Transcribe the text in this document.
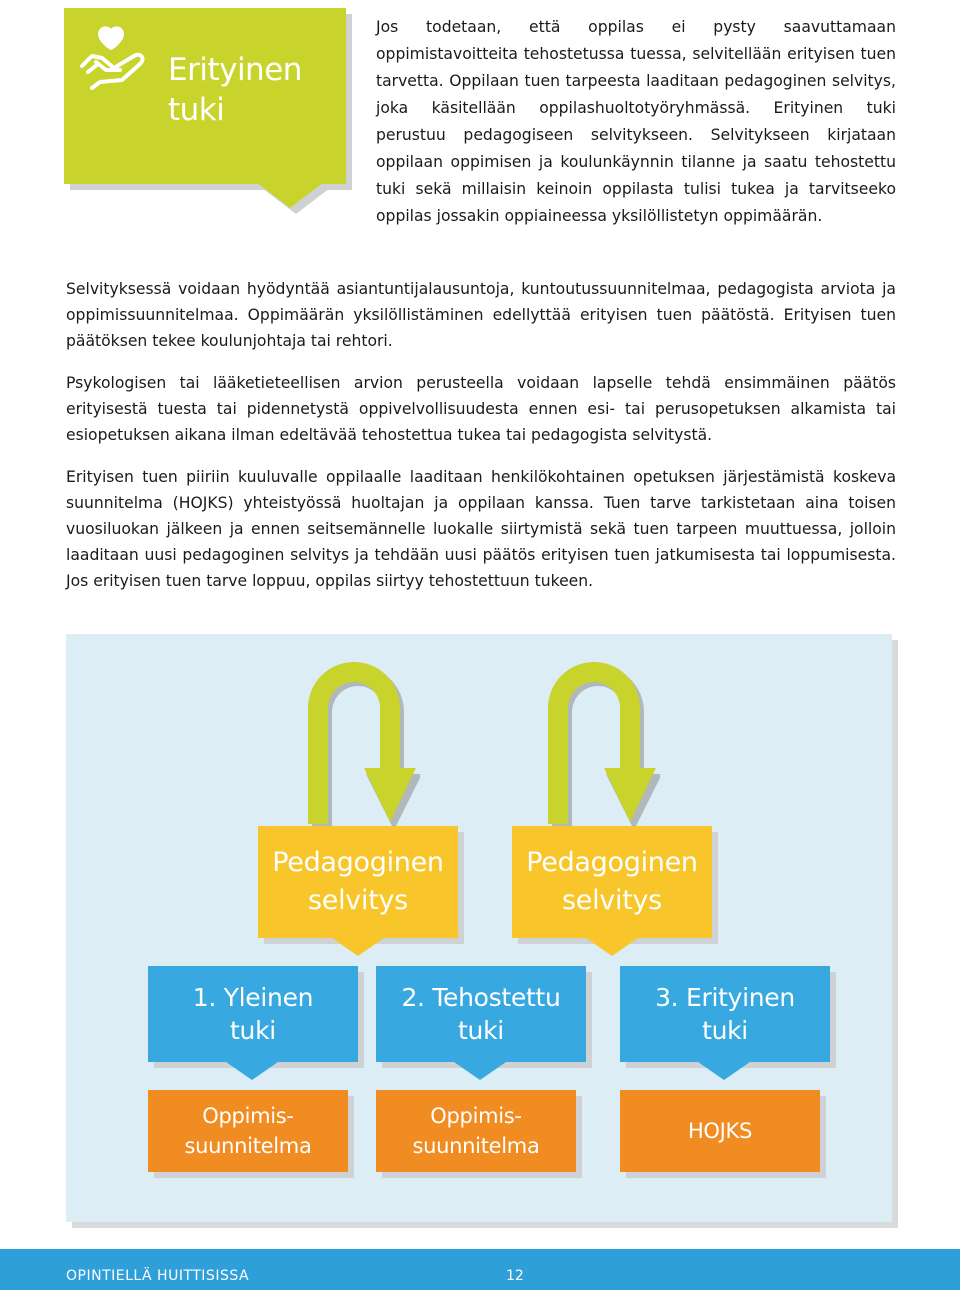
Erityinen
tuki
Jos todetaan, että oppilas ei pysty saavuttamaan oppimistavoitteita tehostetussa tuessa, selvitellään erityisen tuen tarvetta. Oppilaan tuen tarpeesta laaditaan pedagoginen selvitys, joka käsitellään oppilashuoltotyöryhmässä. Erityinen tuki perustuu pedagogiseen selvitykseen. Selvitykseen kirjataan oppilaan oppimisen ja koulunkäynnin tilanne ja saatu tehostettu tuki sekä millaisin keinoin oppilasta tulisi tukea ja tarvitseeko oppilas jossakin oppiaineessa yksilöllistetyn oppimäärän.
Selvityksessä voidaan hyödyntää asiantuntijalausuntoja, kuntoutussuunnitelmaa, pedagogista arviota ja oppimissuunnitelmaa. Oppimäärän yksilöllistäminen edellyttää erityisen tuen päätöstä. Erityisen tuen päätöksen tekee koulunjohtaja tai rehtori.
Psykologisen tai lääketieteellisen arvion perusteella voidaan lapselle tehdä ensimmäinen päätös erityisestä tuesta tai pidennetystä oppivelvollisuudesta ennen esi- tai perusopetuksen alkamista tai esiopetuksen aikana ilman edeltävää tehostettua tukea tai pedagogista selvitystä.
Erityisen tuen piiriin kuuluvalle oppilaalle laaditaan henkilökohtainen opetuksen järjestämistä koskeva suunnitelma (HOJKS) yhteistyössä huoltajan ja oppilaan kanssa. Tuen tarve tarkistetaan aina toisen vuosiluokan jälkeen ja ennen seitsemännelle luokalle siirtymistä sekä tuen tarpeen muuttuessa, jolloin laaditaan uusi pedagoginen selvitys ja tehdään uusi päätös erityisen tuen jatkumisesta tai loppumisesta. Jos erityisen tuen tarve loppuu, oppilas siirtyy tehostettuun tukeen.
Pedagoginen
selvitys
Pedagoginen
selvitys
1. Yleinen
tuki
2. Tehostettu
tuki
3. Erityinen
tuki
Oppimis-
suunnitelma
Oppimis-
suunnitelma
HOJKS
OPINTIELLÄ HUITTISISSA	12
